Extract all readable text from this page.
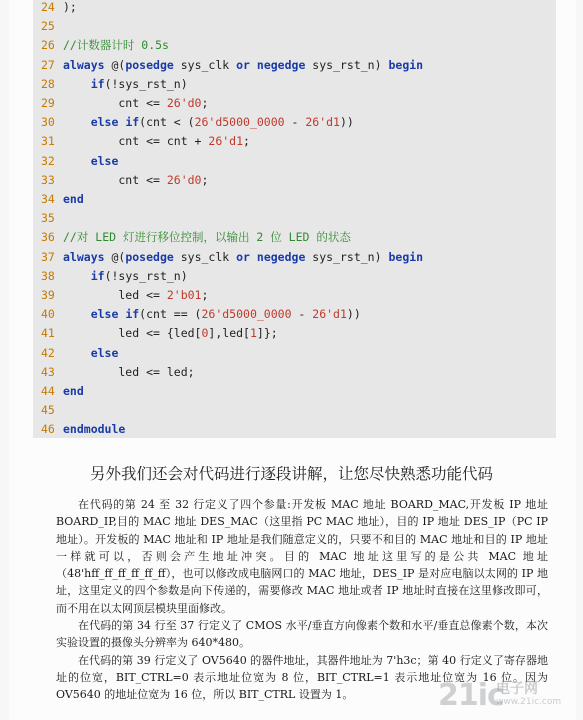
24 );
25
26 //计数器计时 0.5s
27 always @(posedge sys_clk or negedge sys_rst_n) begin
28	if(!sys_rst_n)
29        cnt <= 26'd0;
30	else if(cnt < (26'd5000_0000 - 26'd1))
31        cnt <= cnt + 26'd1;
32	else
33        cnt <= 26'd0;
34 end
35
36 //对 LED 灯进行移位控制，以输出 2 位 LED 的状态
37 always @(posedge sys_clk or negedge sys_rst_n) begin
38	if(!sys_rst_n)
39        led <= 2'b01;
40	else if(cnt == (26'd5000_0000 - 26'd1))
41        led <= {led[0],led[1]};
42	else
43        led <= led;
44 end
45
46 endmodule
另外我们还会对代码进行逐段讲解，让您尽快熟悉功能代码

在代码的第 24 至 32 行定义了四个参量:开发板 MAC 地址 BOARD_MAC,开发板 IP 地址 BOARD_IP,目的 MAC 地址 DES_MAC（这里指 PC MAC 地址），目的 IP 地址 DES_IP（PC IP 地址）。开发板的 MAC 地址和 IP 地址是我们随意定义的，只要不和目的 MAC 地址和目的 IP 地址一样就可以，否则会产生地址冲突。目的 MAC 地址这里写的是公共 MAC 地址（48'hff_ff_ff_ff_ff_ff），也可以修改成电脑网口的 MAC 地址，DES_IP 是对应电脑以太网的 IP 地址，这里定义的四个参数是向下传递的，需要修改 MAC 地址或者 IP 地址时直接在这里修改即可，而不用在以太网顶层模块里面修改。

在代码的第 34 行至 37 行定义了 CMOS 水平/垂直方向像素个数和水平/垂直总像素个数，本次实验设置的摄像头分辨率为 640*480。

在代码的第 39 行定义了 OV5640 的器件地址，其器件地址为 7'h3c；第 40 行定义了寄存器地址的位宽，BIT_CTRL=0 表示地址位宽为 8 位，BIT_CTRL=1 表示地址位宽为 16 位。因为 OV5640 的地址位宽为 16 位，所以 BIT_CTRL 设置为 1。	21ic
电子网
www.21ic.com
